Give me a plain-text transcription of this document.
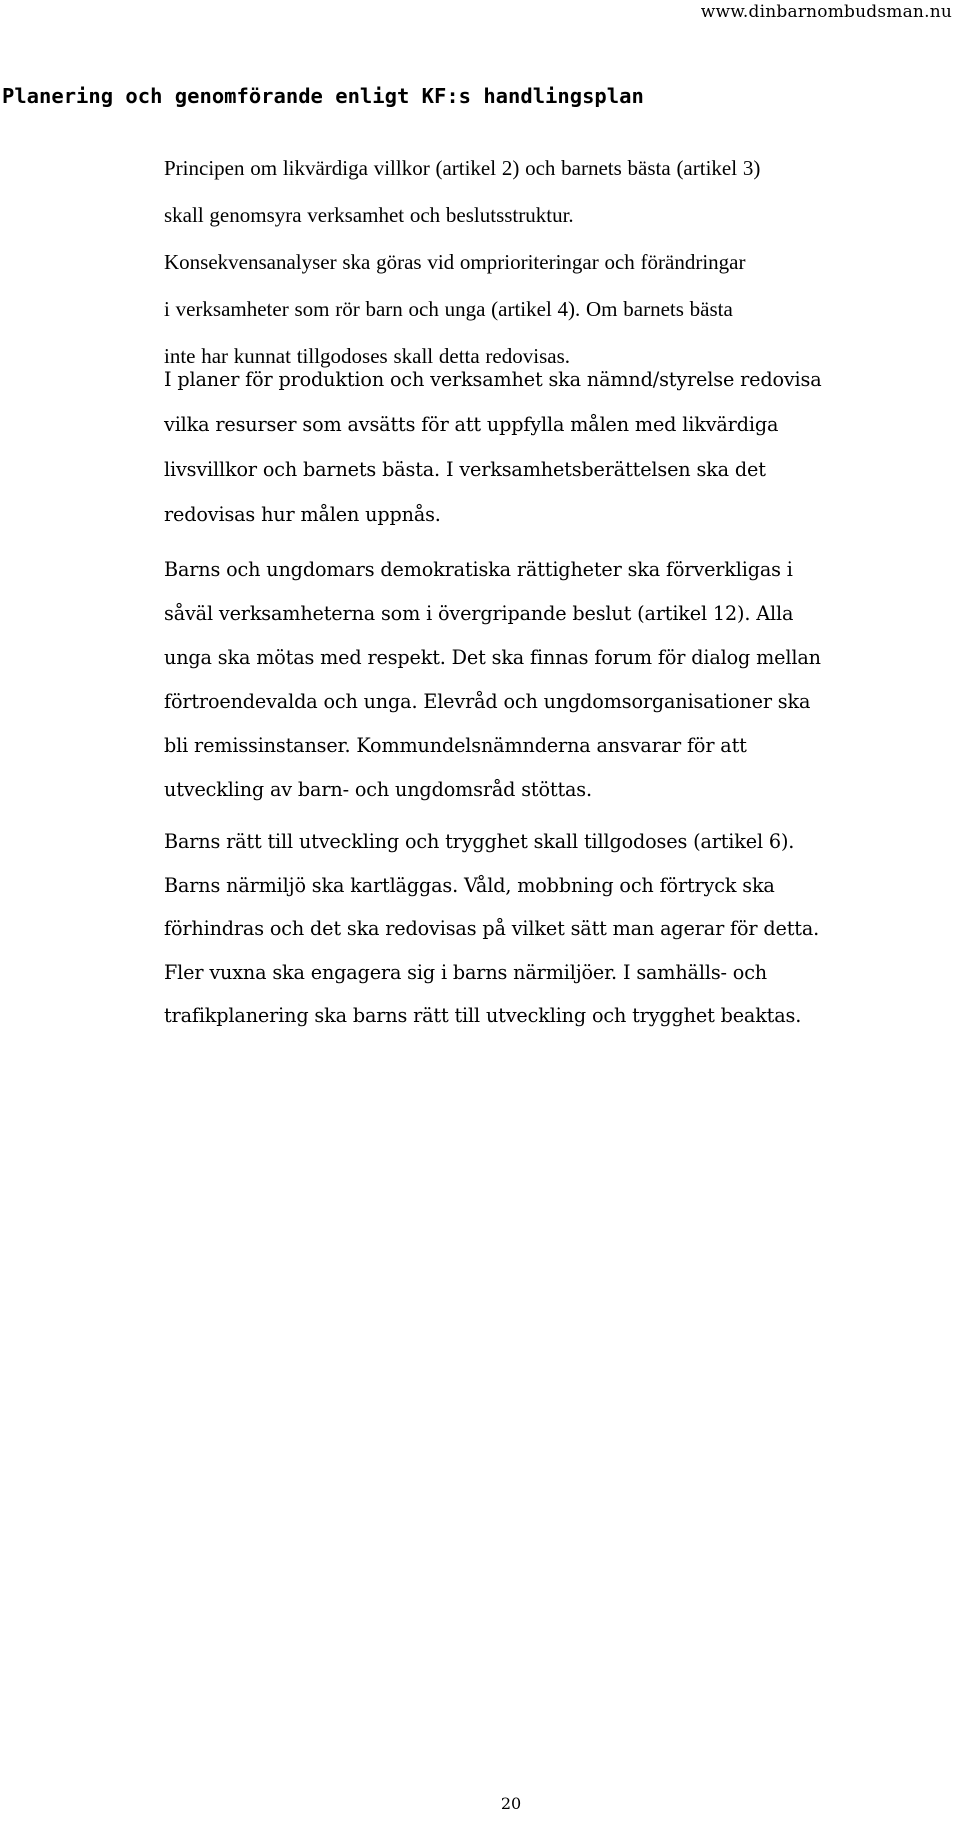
www.dinbarnombudsman.nu
Planering och genomförande enligt KF:s handlingsplan
Principen om likvärdiga villkor (artikel 2) och barnets bästa (artikel 3)
skall genomsyra verksamhet och beslutsstruktur.
Konsekvensanalyser ska göras vid omprioriteringar och förändringar
i verksamheter som rör barn och unga (artikel 4). Om barnets bästa
inte har kunnat tillgodoses skall detta redovisas.
I planer för produktion och verksamhet ska nämnd/styrelse redovisa
vilka resurser som avsätts för att uppfylla målen med likvärdiga
livsvillkor och barnets bästa. I verksamhetsberättelsen ska det
redovisas hur målen uppnås.
Barns och ungdomars demokratiska rättigheter ska förverkligas i
såväl verksamheterna som i övergripande beslut (artikel 12). Alla
unga ska mötas med respekt. Det ska finnas forum för dialog mellan
förtroendevalda och unga. Elevråd och ungdomsorganisationer ska
bli remissinstanser. Kommundelsnämnderna ansvarar för att
utveckling av barn- och ungdomsråd stöttas.
Barns rätt till utveckling och trygghet skall tillgodoses (artikel 6).
Barns närmiljö ska kartläggas. Våld, mobbning och förtryck ska
förhindras och det ska redovisas på vilket sätt man agerar för detta.
Fler vuxna ska engagera sig i barns närmiljöer. I samhälls- och
trafikplanering ska barns rätt till utveckling och trygghet beaktas.
20
